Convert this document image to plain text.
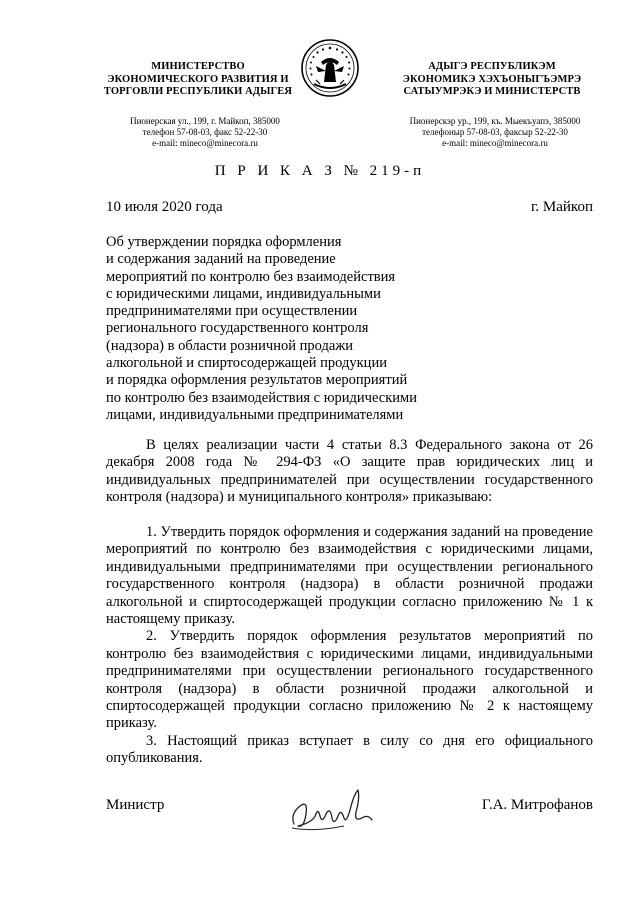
МИНИСТЕРСТВО
ЭКОНОМИЧЕСКОГО РАЗВИТИЯ И
ТОРГОВЛИ РЕСПУБЛИКИ АДЫГЕЯ
Пионерская ул., 199, г. Майкоп, 385000
телефон 57-08-03, факс 52-22-30
e-mail: mineco@minecora.ru
АДЫГЭ РЕСПУБЛИКЭМ
ЭКОНОМИКЭ ХЭХЪОНЫГЪЭМРЭ
САТЫУМРЭКЭ И МИНИСТЕРСТВ
Пионерскэр ур., 199, къ. Мыекъуапэ, 385000
телефоныр 57-08-03, факсыр 52-22-30
e-mail: mineco@minecora.ru
П Р И К А З № 219-п
10 июля 2020 года	г. Майкоп
Об утверждении порядка оформления
и содержания заданий на проведение
мероприятий по контролю без взаимодействия
с юридическими лицами, индивидуальными
предпринимателями при осуществлении
регионального государственного контроля
(надзора) в области розничной продажи
алкогольной и спиртосодержащей продукции
и порядка оформления результатов мероприятий
по контролю без взаимодействия с юридическими
лицами, индивидуальными предпринимателями
В целях реализации части 4 статьи 8.3 Федерального закона от 26 декабря 2008 года № 294-ФЗ «О защите прав юридических лиц и индивидуальных предпринимателей при осуществлении государственного контроля (надзора) и муниципального контроля» приказываю:

1. Утвердить порядок оформления и содержания заданий на проведение мероприятий по контролю без взаимодействия с юридическими лицами, индивидуальными предпринимателями при осуществлении регионального государственного контроля (надзора) в области розничной продажи алкогольной и спиртосодержащей продукции согласно приложению № 1 к настоящему приказу.

2. Утвердить порядок оформления результатов мероприятий по контролю без взаимодействия с юридическими лицами, индивидуальными предпринимателями при осуществлении регионального государственного контроля (надзора) в области розничной продажи алкогольной и спиртосодержащей продукции согласно приложению № 2 к настоящему приказу.

3. Настоящий приказ вступает в силу со дня его официального опубликования.

Министр	Г.А. Митрофанов
